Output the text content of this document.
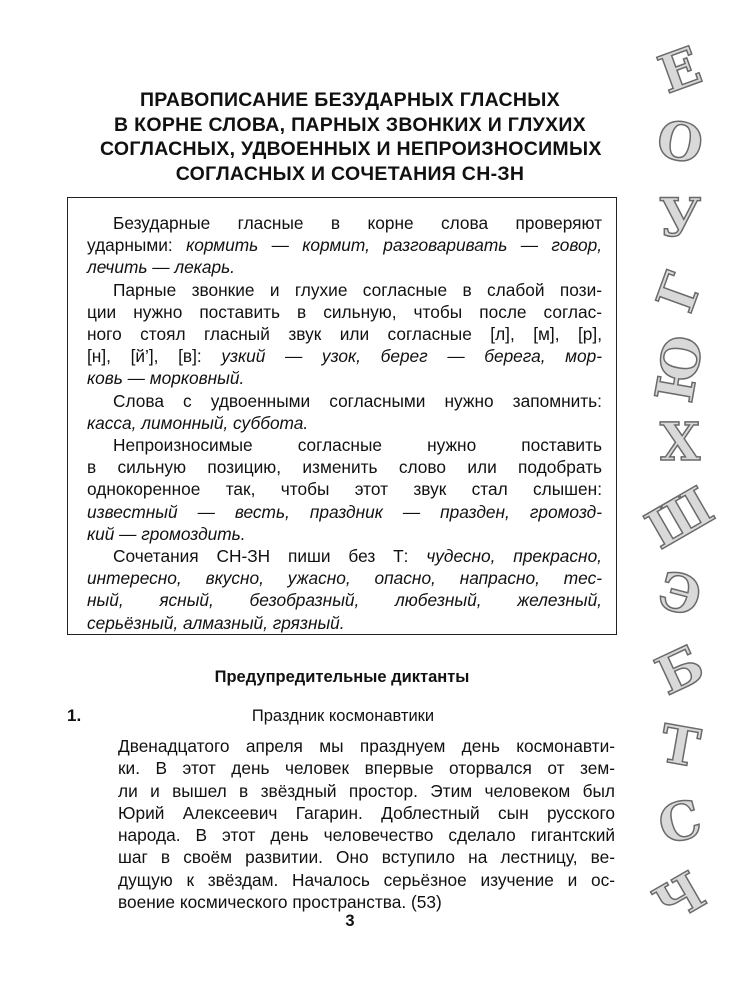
ПРАВОПИСАНИЕ БЕЗУДАРНЫХ ГЛАСНЫХ
В КОРНЕ СЛОВА, ПАРНЫХ ЗВОНКИХ И ГЛУХИХ
СОГЛАСНЫХ, УДВОЕННЫХ И НЕПРОИЗНОСИМЫХ
СОГЛАСНЫХ И СОЧЕТАНИЯ СН-ЗН
Безударные гласные в корне слова проверяют
ударными: кормить — кормит, разговаривать — говор,
лечить — лекарь.
Парные звонкие и глухие согласные в слабой пози-
ции нужно поставить в сильную, чтобы после соглас-
ного стоял гласный звук или согласные [л], [м], [р],
[н], [й’], [в]: узкий — узок, берег — берега, мор-
ковь — морковный.
Слова с удвоенными согласными нужно запомнить:
касса, лимонный, суббота.
Непроизносимые согласные нужно поставить
в сильную позицию, изменить слово или подобрать
однокоренное так, чтобы этот звук стал слышен:
известный — весть, праздник — празден, громозд-
кий — громоздить.
Сочетания СН-ЗН пиши без Т: чудесно, прекрасно,
интересно, вкусно, ужасно, опасно, напрасно, тес-
ный, ясный, безобразный, любезный, железный,
серьёзный, алмазный, грязный.
Предупредительные диктанты
1.	Праздник космонавтики
Двенадцатого апреля мы празднуем день космонавти-
ки. В этот день человек впервые оторвался от зем-
ли и вышел в звёздный простор. Этим человеком был
Юрий Алексеевич Гагарин. Доблестный сын русского
народа. В этот день человечество сделало гигантский
шаг в своём развитии. Оно вступило на лестницу, ве-
дущую к звёздам. Началось серьёзное изучение и ос-
воение космического пространства. (53)
3
Е
О
У
Г
Ю
Х
Ш
Э
Б
Т
С
Ч
